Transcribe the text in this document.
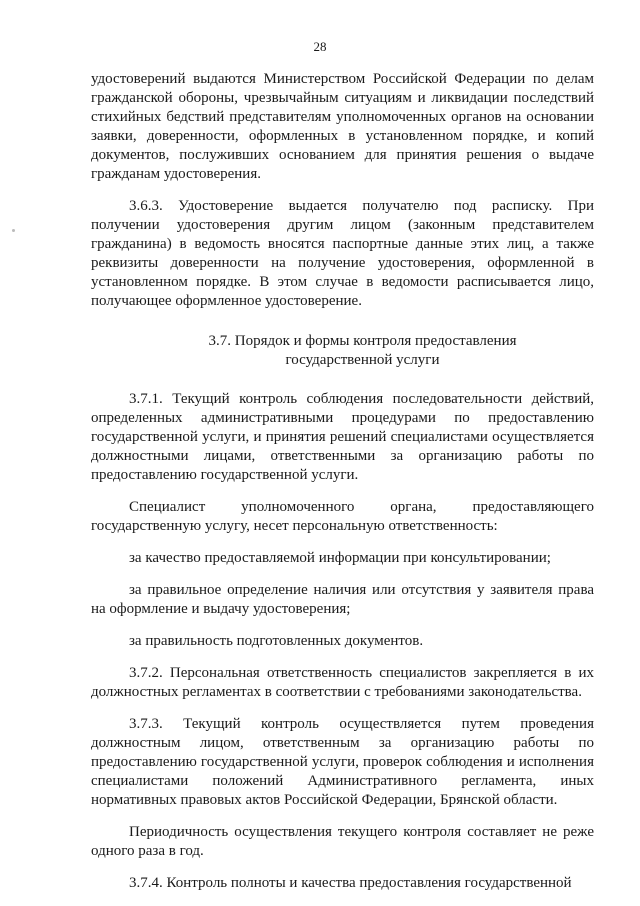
28

удостоверений выдаются Министерством Российской Федерации по делам гражданской обороны, чрезвычайным ситуациям и ликвидации последствий стихийных бедствий представителям уполномоченных органов на основании заявки, доверенности, оформленных в установленном порядке, и копий документов, послуживших основанием для принятия решения о выдаче гражданам удостоверения.

3.6.3. Удостоверение выдается получателю под расписку. При получении удостоверения другим лицом (законным представителем гражданина) в ведомость вносятся паспортные данные этих лиц, а также реквизиты доверенности на получение удостоверения, оформленной в установленном порядке. В этом случае в ведомости расписывается лицо, получающее оформленное удостоверение.

3.7. Порядок и формы контроля предоставления
государственной услуги

3.7.1. Текущий контроль соблюдения последовательности действий, определенных административными процедурами по предоставлению государственной услуги, и принятия решений специалистами осуществляется должностными лицами, ответственными за организацию работы по предоставлению государственной услуги.

Специалист уполномоченного органа, предоставляющего государственную услугу, несет персональную ответственность:

за качество предоставляемой информации при консультировании;

за правильное определение наличия или отсутствия у заявителя права на оформление и выдачу удостоверения;

за правильность подготовленных документов.

3.7.2. Персональная ответственность специалистов закрепляется в их должностных регламентах в соответствии с требованиями законодательства.

3.7.3. Текущий контроль осуществляется путем проведения должностным лицом, ответственным за организацию работы по предоставлению государственной услуги, проверок соблюдения и исполнения специалистами положений Административного регламента, иных нормативных правовых актов Российской Федерации, Брянской области.

Периодичность осуществления текущего контроля составляет не реже одного раза в год.

3.7.4. Контроль полноты и качества предоставления государственной
